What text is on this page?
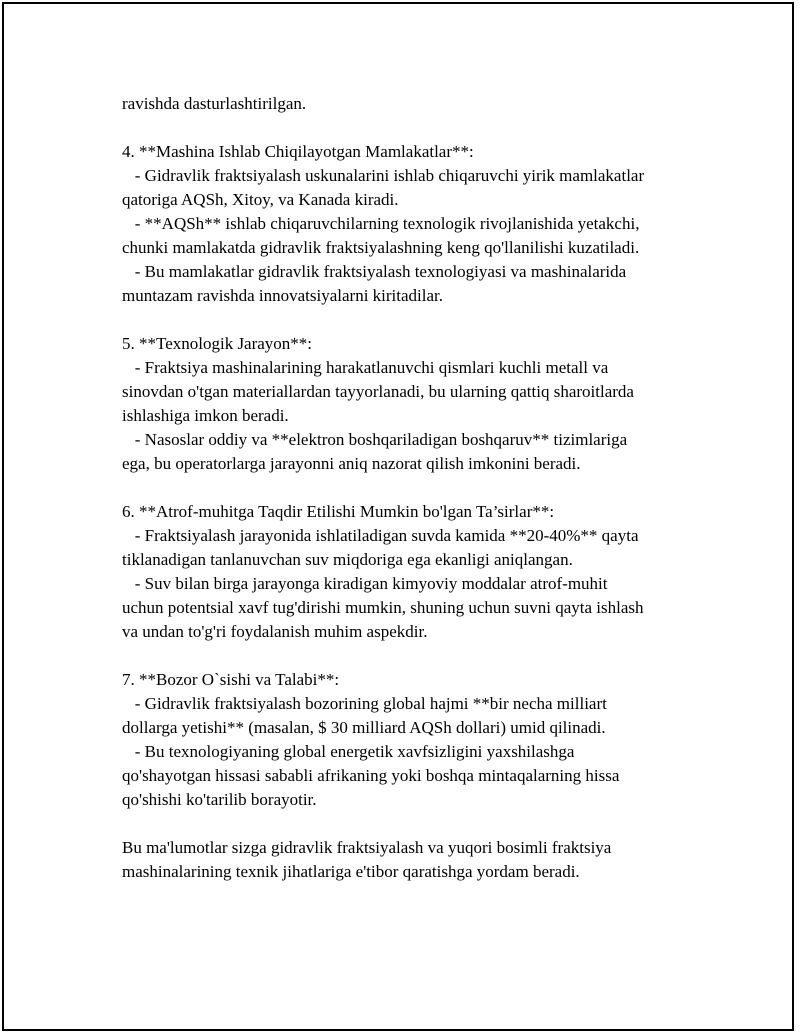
ravishda dasturlashtirilgan.
4. **Mashina Ishlab Chiqilayotgan Mamlakatlar**:
- Gidravlik fraktsiyalash uskunalarini ishlab chiqaruvchi yirik mamlakatlar
qatoriga AQSh, Xitoy, va Kanada kiradi.
- **AQSh** ishlab chiqaruvchilarning texnologik rivojlanishida yetakchi,
chunki mamlakatda gidravlik fraktsiyalashning keng qo'llanilishi kuzatiladi.
- Bu mamlakatlar gidravlik fraktsiyalash texnologiyasi va mashinalarida
muntazam ravishda innovatsiyalarni kiritadilar.
5. **Texnologik Jarayon**:
- Fraktsiya mashinalarining harakatlanuvchi qismlari kuchli metall va
sinovdan o'tgan materiallardan tayyorlanadi, bu ularning qattiq sharoitlarda
ishlashiga imkon beradi.
- Nasoslar oddiy va **elektron boshqariladigan boshqaruv** tizimlariga
ega, bu operatorlarga jarayonni aniq nazorat qilish imkonini beradi.
6. **Atrof-muhitga Taqdir Etilishi Mumkin bo'lgan Ta’sirlar**:
- Fraktsiyalash jarayonida ishlatiladigan suvda kamida **20-40%** qayta
tiklanadigan tanlanuvchan suv miqdoriga ega ekanligi aniqlangan.
- Suv bilan birga jarayonga kiradigan kimyoviy moddalar atrof-muhit
uchun potentsial xavf tug'dirishi mumkin, shuning uchun suvni qayta ishlash
va undan to'g'ri foydalanish muhim aspekdir.
7. **Bozor O`sishi va Talabi**:
- Gidravlik fraktsiyalash bozorining global hajmi **bir necha milliart
dollarga yetishi** (masalan, $ 30 milliard AQSh dollari) umid qilinadi.
- Bu texnologiyaning global energetik xavfsizligini yaxshilashga
qo'shayotgan hissasi sababli afrikaning yoki boshqa mintaqalarning hissa
qo'shishi ko'tarilib borayotir.
Bu ma'lumotlar sizga gidravlik fraktsiyalash va yuqori bosimli fraktsiya
mashinalarining texnik jihatlariga e'tibor qaratishga yordam beradi.
